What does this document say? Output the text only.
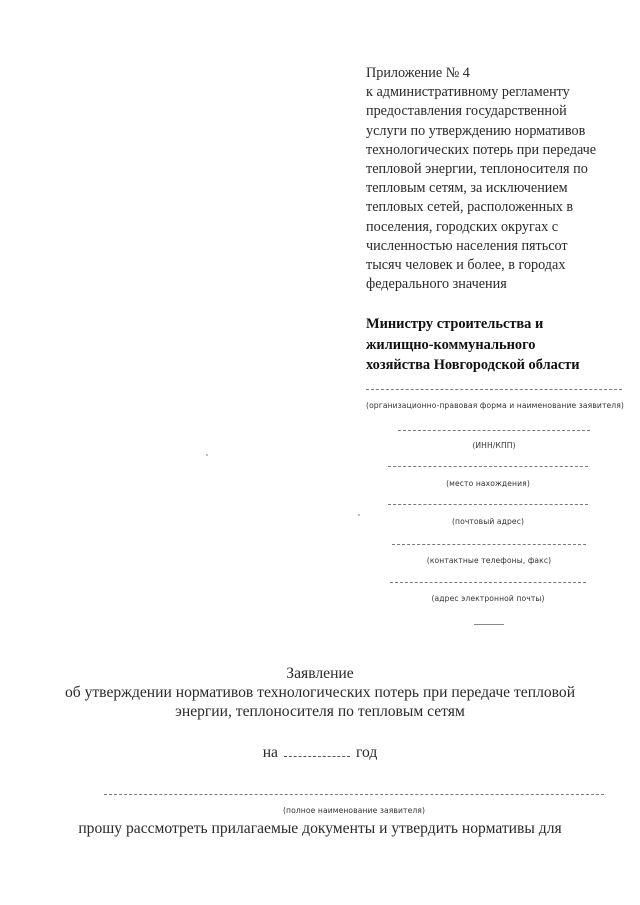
Приложение № 4
к административному регламенту
предоставления государственной
услуги по утверждению нормативов
технологических потерь при передаче
тепловой энергии, теплоносителя по
тепловым сетям, за исключением
тепловых сетей, расположенных в
поселения, городских округах с
численностью населения пятьсот
тысяч человек и более, в городах
федерального значения
Министру строительства и
жилищно-коммунального
хозяйства Новгородской области
(организационно-правовая форма и наименование заявителя)
(ИНН/КПП)
(место нахождения)
(почтовый адрес)
(контактные телефоны, факс)
(адрес электронной почты)
Заявление
об утверждении нормативов технологических потерь при передаче тепловой
энергии, теплоносителя по тепловым сетям
на	год
(полное наименование заявителя)
прошу рассмотреть прилагаемые документы и утвердить нормативы для
